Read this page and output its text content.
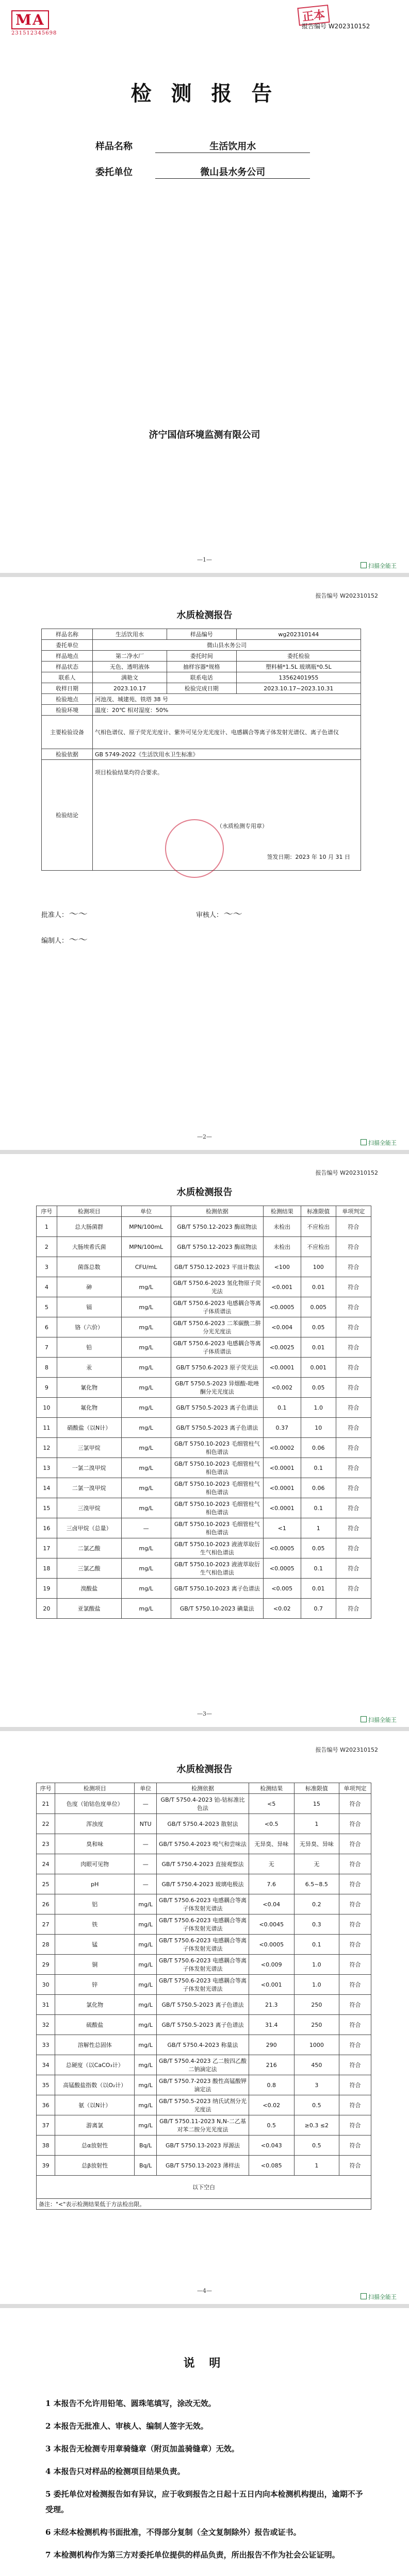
MA
231512345698
正本
报告编号 W202310152
检 测 报 告
样品名称	生活饮用水
委托单位	微山县水务公司
济宁国信环境监测有限公司
—1—
扫描全能王
报告编号 W202310152
水质检测报告
样品名称	生活饮用水	样品编号	wg202310144
委托单位	微山县水务公司		
样品地点	第二净水厂	委托时间	委托检验
样品状态	无色、透明液体	抽样容器*规格	塑料桶*1.5L 玻璃瓶*0.5L
联系人	满艳文	联系电话	13562401955
收样日期	2023.10.17	检验完成日期	2023.10.17~2023.10.31
检验地点	河池茂、城建苑、铁塔 38 号		
检验环境	温度：20℃ 相对湿度：50%		
主要检验设备	气相色谱仪、原子荧光光度计、紫外可见分光光度计、电感耦合等离子体发射光谱仪、离子色谱仪		
检验依据	GB 5749-2022《生活饮用水卫生标准》		
检验结论	项目检验结果均符合要求。
（水质检测专用章）
签发日期：2023 年 10 月 31 日		
批准人：～～	审核人：～～
编制人：～～
—2—
扫描全能王
报告编号 W202310152
水质检测报告
序号	检测项目	单位	检测依据	检测结果	标准限值	单项判定
1	总大肠菌群	MPN/100mL	GB/T 5750.12-2023 酶底物法	未检出	不应检出	符合
2	大肠埃希氏菌	MPN/100mL	GB/T 5750.12-2023 酶底物法	未检出	不应检出	符合
3	菌落总数	CFU/mL	GB/T 5750.12-2023 平皿计数法	<100	100	符合
4	砷	mg/L	GB/T 5750.6-2023 氢化物原子荧光法	<0.001	0.01	符合
5	镉	mg/L	GB/T 5750.6-2023 电感耦合等离子体质谱法	<0.0005	0.005	符合
6	铬（六价）	mg/L	GB/T 5750.6-2023 二苯碳酰二肼分光光度法	<0.004	0.05	符合
7	铅	mg/L	GB/T 5750.6-2023 电感耦合等离子体质谱法	<0.0025	0.01	符合
8	汞	mg/L	GB/T 5750.6-2023 原子荧光法	<0.0001	0.001	符合
9	氰化物	mg/L	GB/T 5750.5-2023 异烟酸-吡唑酮分光光度法	<0.002	0.05	符合
10	氟化物	mg/L	GB/T 5750.5-2023 离子色谱法	0.1	1.0	符合
11	硝酸盐（以N计）	mg/L	GB/T 5750.5-2023 离子色谱法	0.37	10	符合
12	三氯甲烷	mg/L	GB/T 5750.10-2023 毛细管柱气相色谱法	<0.0002	0.06	符合
13	一氯二溴甲烷	mg/L	GB/T 5750.10-2023 毛细管柱气相色谱法	<0.0001	0.1	符合
14	二氯一溴甲烷	mg/L	GB/T 5750.10-2023 毛细管柱气相色谱法	<0.0001	0.06	符合
15	三溴甲烷	mg/L	GB/T 5750.10-2023 毛细管柱气相色谱法	<0.0001	0.1	符合
16	三卤甲烷（总量）	—	GB/T 5750.10-2023 毛细管柱气相色谱法	<1	1	符合
17	二氯乙酸	mg/L	GB/T 5750.10-2023 液液萃取衍生气相色谱法	<0.0005	0.05	符合
18	三氯乙酸	mg/L	GB/T 5750.10-2023 液液萃取衍生气相色谱法	<0.0005	0.1	符合
19	溴酸盐	mg/L	GB/T 5750.10-2023 离子色谱法	<0.005	0.01	符合
20	亚氯酸盐	mg/L	GB/T 5750.10-2023 碘量法	<0.02	0.7	符合
—3—
扫描全能王
报告编号 W202310152
水质检测报告
序号	检测项目	单位	检测依据	检测结果	标准限值	单项判定
21	色度（铂钴色度单位）	—	GB/T 5750.4-2023 铂-钴标准比色法	<5	15	符合
22	浑浊度	NTU	GB/T 5750.4-2023 散射法	<0.5	1	符合
23	臭和味	—	GB/T 5750.4-2023 嗅气和尝味法	无异臭、异味	无异臭、异味	符合
24	肉眼可见物	—	GB/T 5750.4-2023 直接观察法	无	无	符合
25	pH	—	GB/T 5750.4-2023 玻璃电极法	7.6	6.5~8.5	符合
26	铝	mg/L	GB/T 5750.6-2023 电感耦合等离子体发射光谱法	<0.04	0.2	符合
27	铁	mg/L	GB/T 5750.6-2023 电感耦合等离子体发射光谱法	<0.0045	0.3	符合
28	锰	mg/L	GB/T 5750.6-2023 电感耦合等离子体发射光谱法	<0.0005	0.1	符合
29	铜	mg/L	GB/T 5750.6-2023 电感耦合等离子体发射光谱法	<0.009	1.0	符合
30	锌	mg/L	GB/T 5750.6-2023 电感耦合等离子体发射光谱法	<0.001	1.0	符合
31	氯化物	mg/L	GB/T 5750.5-2023 离子色谱法	21.3	250	符合
32	硫酸盐	mg/L	GB/T 5750.5-2023 离子色谱法	31.4	250	符合
33	溶解性总固体	mg/L	GB/T 5750.4-2023 称量法	290	1000	符合
34	总硬度（以CaCO₃计）	mg/L	GB/T 5750.4-2023 乙二胺四乙酸二钠滴定法	216	450	符合
35	高锰酸盐指数（以O₂计）	mg/L	GB/T 5750.7-2023 酸性高锰酸钾滴定法	0.8	3	符合
36	氨（以N计）	mg/L	GB/T 5750.5-2023 纳氏试剂分光光度法	<0.02	0.5	符合
37	游离氯	mg/L	GB/T 5750.11-2023 N,N-二乙基对苯二胺分光光度法	0.5	≥0.3 ≤2	符合
38	总α放射性	Bq/L	GB/T 5750.13-2023 厚源法	<0.043	0.5	符合
39	总β放射性	Bq/L	GB/T 5750.13-2023 薄样法	<0.085	1	符合
以下空白						
备注："<"表示检测结果低于方法检出限。						
—4—
扫描全能王
说 明
1 本报告不允许用铅笔、圆珠笔填写，涂改无效。
2 本报告无批准人、审核人、编制人签字无效。
3 本报告无检测专用章骑缝章（附页加盖骑缝章）无效。
4 本报告只对样品的检测项目结果负责。
5 委托单位对检测报告如有异议，应于收到报告之日起十五日内向本检测机构提出，逾期不予受理。
6 未经本检测机构书面批准，不得部分复制（全文复制除外）报告或证书。
7 本检测机构作为第三方对委托单位提供的样品负责，所出报告不作为社会公证证明。
